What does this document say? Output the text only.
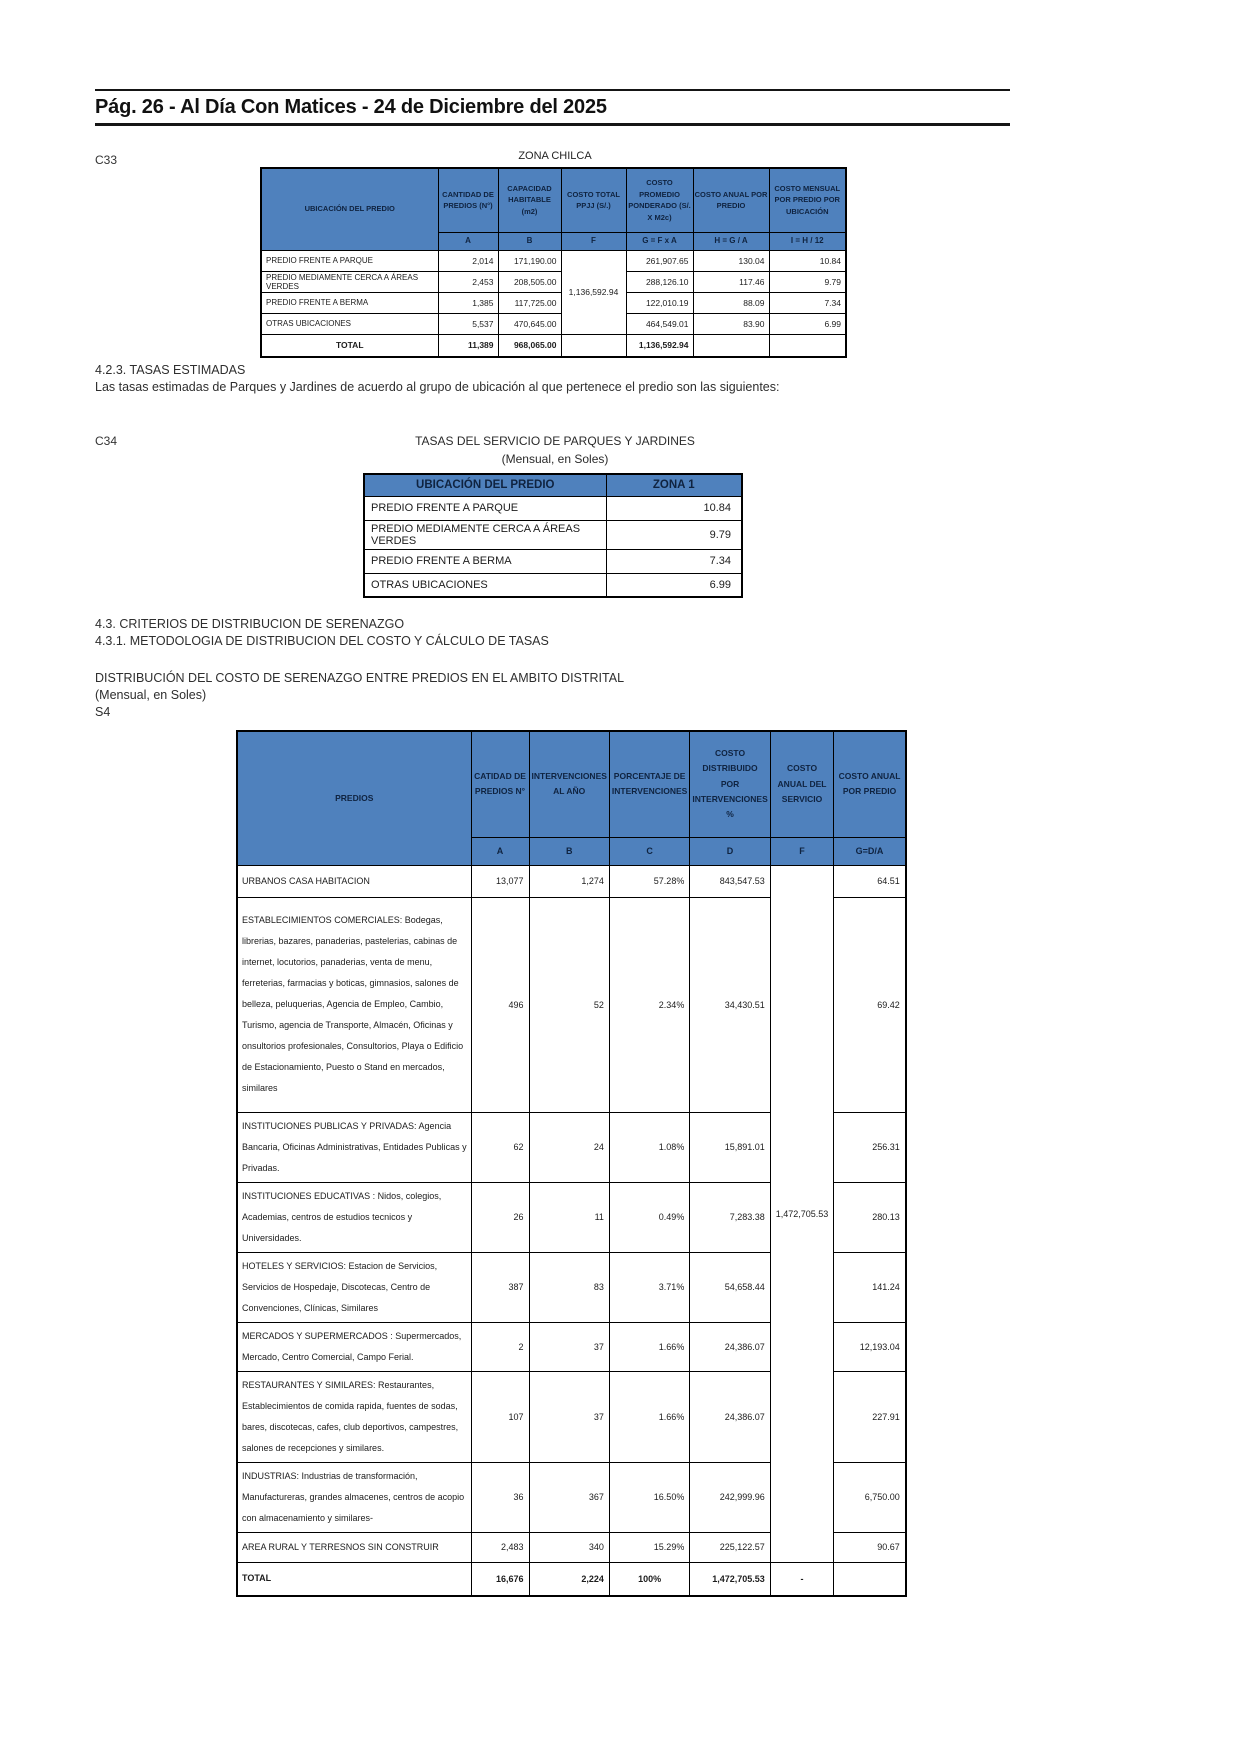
Pág. 26 - Al Día Con Matices - 24 de Diciembre del 2025
ZONA CHILCA
C33
UBICACIÓN DEL PREDIO	CANTIDAD DE PREDIOS (N°)	CAPACIDAD HABITABLE (m2)	COSTO TOTAL PPJJ (S/.)	COSTO PROMEDIO PONDERADO (S/. X M2c)	COSTO ANUAL POR PREDIO	COSTO MENSUAL POR PREDIO POR UBICACIÓN
	A	B	F	G = F x A	H = G / A	I = H / 12
PREDIO FRENTE A PARQUE	2,014	171,190.00	1,136,592.94	261,907.65	130.04	10.84
PREDIO MEDIAMENTE CERCA A ÁREAS VERDES	2,453	208,505.00		288,126.10	117.46	9.79
PREDIO FRENTE A BERMA	1,385	117,725.00		122,010.19	88.09	7.34
OTRAS UBICACIONES	5,537	470,645.00		464,549.01	83.90	6.99
TOTAL	11,389	968,065.00		1,136,592.94		
4.2.3. TASAS ESTIMADAS
Las tasas estimadas de Parques y Jardines de acuerdo al grupo de ubicación al que pertenece el predio son las siguientes:
C34	TASAS DEL SERVICIO DE PARQUES Y JARDINES
(Mensual, en Soles)
UBICACIÓN DEL PREDIO	ZONA 1
PREDIO FRENTE A PARQUE	10.84
PREDIO MEDIAMENTE CERCA A ÁREAS VERDES	9.79
PREDIO FRENTE A BERMA	7.34
OTRAS UBICACIONES	6.99
4.3. CRITERIOS DE DISTRIBUCION DE SERENAZGO
4.3.1. METODOLOGIA DE DISTRIBUCION DEL COSTO Y CÁLCULO DE TASAS
DISTRIBUCIÓN DEL COSTO DE SERENAZGO ENTRE PREDIOS EN EL AMBITO DISTRITAL
(Mensual, en Soles)
S4
PREDIOS	CATIDAD DE PREDIOS N°	INTERVENCIONES AL AÑO	PORCENTAJE DE INTERVENCIONES	COSTO DISTRIBUIDO POR INTERVENCIONES %	COSTO ANUAL DEL SERVICIO	COSTO ANUAL POR PREDIO
	A	B	C	D	F	G=D/A
URBANOS CASA HABITACION	13,077	1,274	57.28%	843,547.53	1,472,705.53	64.51
ESTABLECIMIENTOS COMERCIALES: Bodegas, librerias, bazares, panaderias, pastelerias, cabinas de internet, locutorios, panaderias, venta de menu, ferreterias, farmacias y boticas, gimnasios, salones de belleza, peluquerias, Agencia de Empleo, Cambio, Turismo, agencia de Transporte, Almacén, Oficinas y onsultorios profesionales, Consultorios, Playa o Edificio de Estacionamiento, Puesto o Stand en mercados, similares	496	52	2.34%	34,430.51		69.42
INSTITUCIONES PUBLICAS Y PRIVADAS: Agencia Bancaria, Oficinas Administrativas, Entidades Publicas y Privadas.	62	24	1.08%	15,891.01		256.31
INSTITUCIONES EDUCATIVAS : Nidos, colegios, Academias, centros de estudios tecnicos y Universidades.	26	11	0.49%	7,283.38		280.13
HOTELES Y SERVICIOS: Estacion de Servicios, Servicios de Hospedaje, Discotecas, Centro de Convenciones, Clínicas, Similares	387	83	3.71%	54,658.44		141.24
MERCADOS Y SUPERMERCADOS : Supermercados, Mercado, Centro Comercial, Campo Ferial.	2	37	1.66%	24,386.07		12,193.04
RESTAURANTES Y SIMILARES: Restaurantes, Establecimientos de comida rapida, fuentes de sodas, bares, discotecas, cafes, club deportivos, campestres, salones de recepciones y similares.	107	37	1.66%	24,386.07		227.91
INDUSTRIAS: Industrias de transformación, Manufactureras, grandes almacenes, centros de acopio con almacenamiento y similares-	36	367	16.50%	242,999.96		6,750.00
AREA RURAL Y TERRESNOS SIN CONSTRUIR	2,483	340	15.29%	225,122.57		90.67
TOTAL	16,676	2,224	100%	1,472,705.53	-	
